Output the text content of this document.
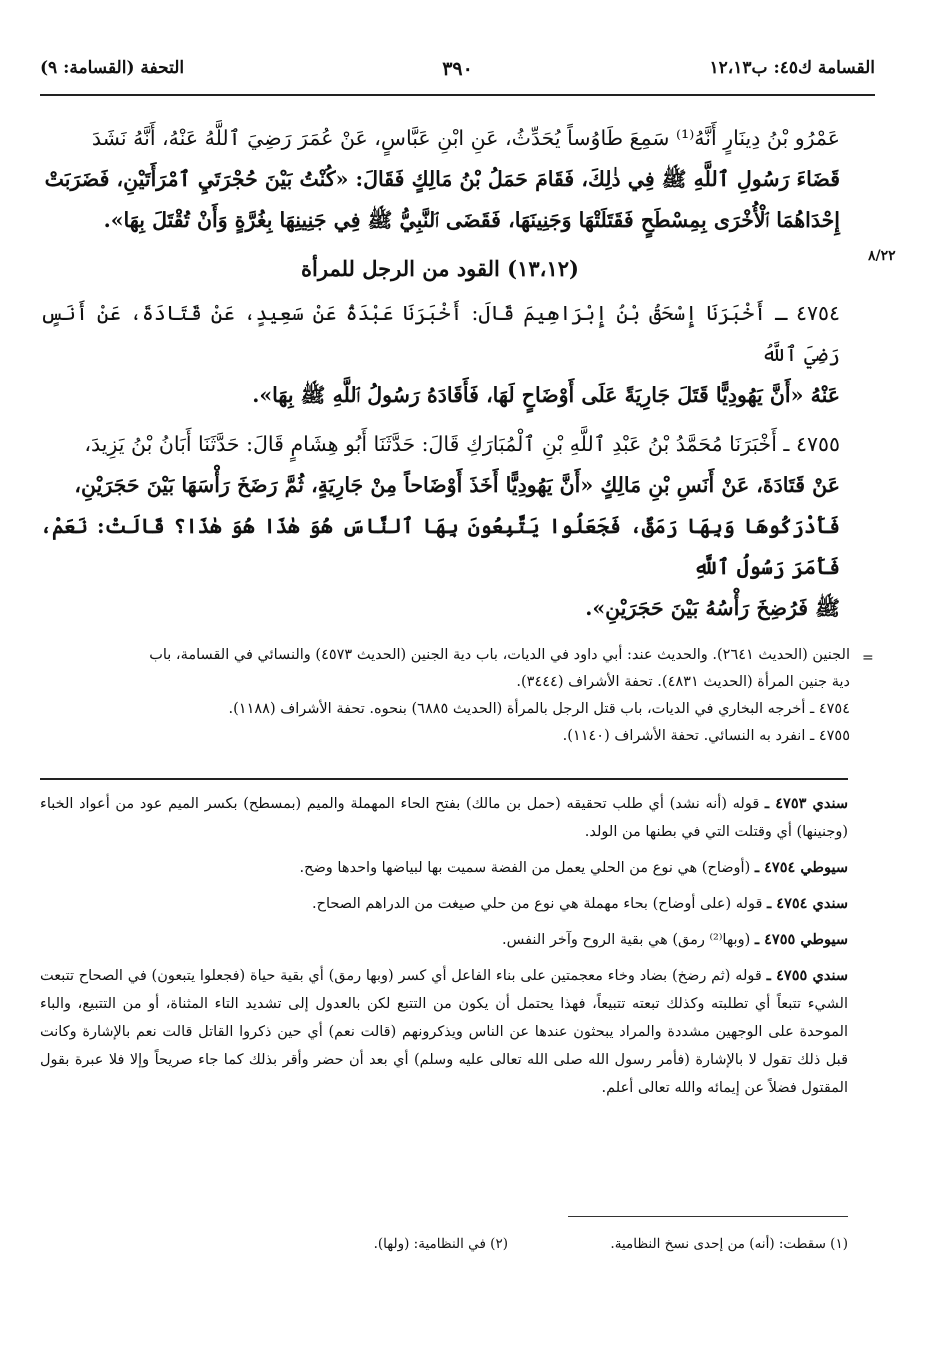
القسامة ك٤٥: ب١٢،١٣
٣٩٠
التحفة (القسامة: ٩)
٨/٢٢

عَمْرُو بْنُ دِينَارٍ أَنَّهُ⁽¹⁾ سَمِعَ طَاوُساً يُحَدِّثُ، عَنِ ابْنِ عَبَّاسٍ، عَنْ عُمَرَ رَضِيَ ٱللَّهُ عَنْهُ، أَنَّهُ نَشَدَ

قَضَاءَ رَسُولِ ٱللَّهِ ﷺ فِي ذٰلِكَ، فَقَامَ حَمَلُ بْنُ مَالِكٍ فَقَالَ: «كُنْتُ بَيْنَ حُجْرَتَيِ ٱمْرَأَتَيْنِ، فَضَرَبَتْ

إِحْدَاهُمَا ٱلْأُخْرَى بِمِسْطَحٍ فَقَتَلَتْهَا وَجَنِينَهَا، فَقَضَى ٱلنَّبِيُّ ﷺ فِي جَنِينِهَا بِغُرَّةٍ وَأَنْ تُقْتَلَ بِهَا».

(١٣،١٢) القود من الرجل للمرأة

٤٧٥٤ ـ أَخْبَرَنَا إِسْحَقُ بْنُ إِبْرَاهِيمَ قَالَ: أَخْبَرَنَا عَبْدَةُ عَنْ سَعِيدٍ، عَنْ قَتَادَةَ، عَنْ أَنَسٍ رَضِيَ ٱللَّهُ

عَنْهُ «أَنَّ يَهُودِيًّا قَتَلَ جَارِيَةً عَلَى أَوْضَاحٍ لَهَا، فَأَقَادَهُ رَسُولُ ٱللَّهِ ﷺ بِهَا».

٤٧٥٥ ـ أَخْبَرَنَا مُحَمَّدُ بْنُ عَبْدِ ٱللَّهِ بْنِ ٱلْمُبَارَكِ قَالَ: حَدَّثَنَا أَبُو هِشَامٍ قَالَ: حَدَّثَنَا أَبَانُ بْنُ يَزِيدَ،

عَنْ قَتَادَةَ، عَنْ أَنَسِ بْنِ مَالِكٍ «أَنَّ يَهُودِيًّا أَخَذَ أَوْضَاحاً مِنْ جَارِيَةٍ، ثُمَّ رَضَخَ رَأْسَهَا بَيْنَ حَجَرَيْنِ،

فَأَدْرَكُوهَا وَبِهَا رَمَقٌ، فَجَعَلُوا يَتَّبِعُونَ بِهَا ٱلنَّاسَ هُوَ هٰذَا هُوَ هٰذَا؟ قَالَتْ: نَعَمْ، فَأَمَرَ رَسُولُ ٱللَّهِ

ﷺ فَرُضِخَ رَأْسُهُ بَيْنَ حَجَرَيْنِ».

=

الجنين (الحديث ٢٦٤١). والحديث عند: أبي داود في الديات، باب دية الجنين (الحديث ٤٥٧٣) والنسائي في القسامة، باب

دية جنين المرأة (الحديث ٤٨٣١). تحفة الأشراف (٣٤٤٤).

٤٧٥٤ ـ أخرجه البخاري في الديات، باب قتل الرجل بالمرأة (الحديث ٦٨٨٥) بنحوه. تحفة الأشراف (١١٨٨).

٤٧٥٥ ـ انفرد به النسائي. تحفة الأشراف (١١٤٠).

سندي ٤٧٥٣ ـ قوله (أنه نشد) أي طلب تحقيقه (حمل بن مالك) بفتح الحاء المهملة والميم (بمسطح) بكسر الميم عود من أعواد الخباء (وجنينها) أي وقتلت التي في بطنها من الولد.

سيوطي ٤٧٥٤ ـ (أوضاح) هي نوع من الحلي يعمل من الفضة سميت بها لبياضها واحدها وضح.

سندي ٤٧٥٤ ـ قوله (على أوضاح) بحاء مهملة هي نوع من حلي صيغت من الدراهم الصحاح.

سيوطي ٤٧٥٥ ـ (وبها⁽²⁾ رمق) هي بقية الروح وآخر النفس.

سندي ٤٧٥٥ ـ قوله (ثم رضخ) بضاد وخاء معجمتين على بناء الفاعل أي كسر (وبها رمق) أي بقية حياة (فجعلوا يتبعون) في الصحاح تتبعت الشيء تتبعاً أي تطلبته وكذلك تبعته تتبيعاً، فهذا يحتمل أن يكون من التتبع لكن بالعدول إلى تشديد التاء المثناة، أو من التتبيع، والباء الموحدة على الوجهين مشددة والمراد يبحثون عندها عن الناس ويذكرونهم (قالت نعم) أي حين ذكروا القاتل قالت نعم بالإشارة وكانت قبل ذلك تقول لا بالإشارة (فأمر رسول الله صلى الله تعالى عليه وسلم) أي بعد أن حضر وأقر بذلك كما جاء صريحاً وإلا فلا عبرة بقول المقتول فضلاً عن إيمائه والله تعالى أعلم.

(١) سقطت: (أنه) من إحدى نسخ النظامية.
(٢) في النظامية: (ولها).
